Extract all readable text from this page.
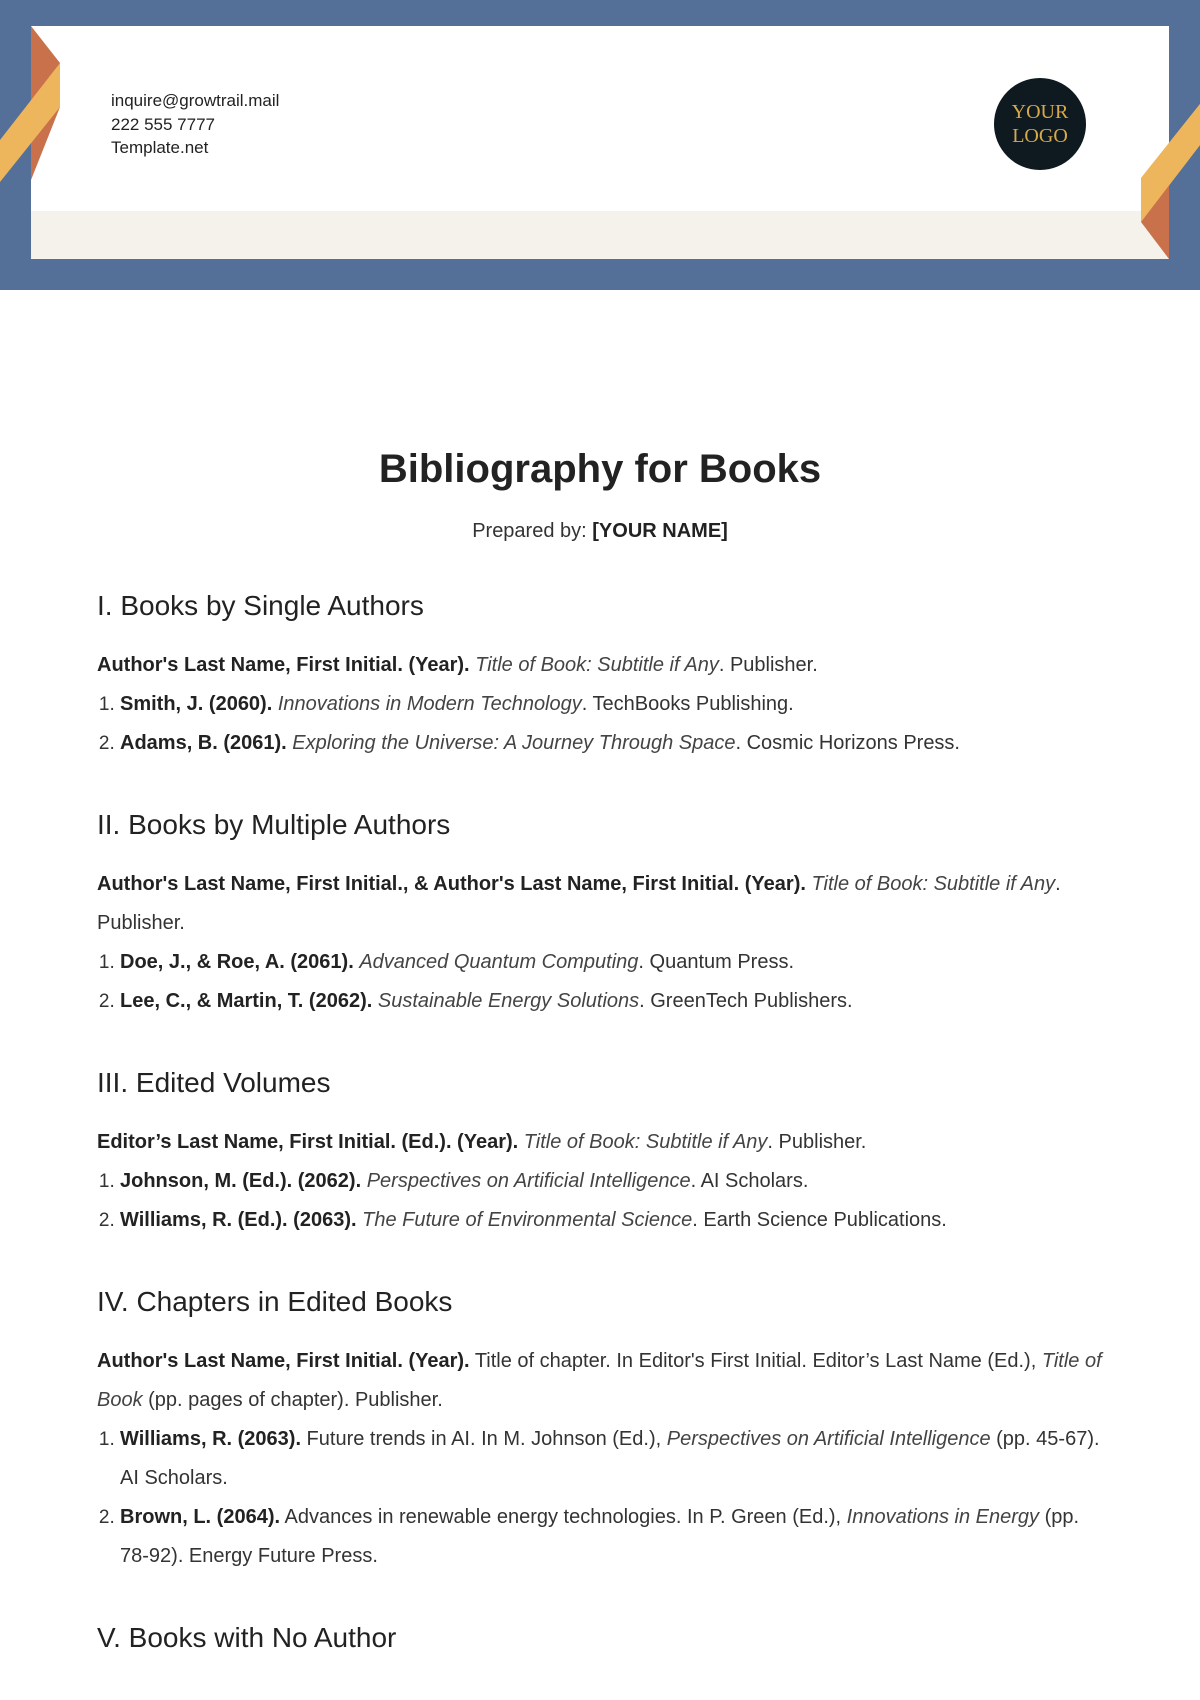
inquire@growtrail.mail
222 555 7777
Template.net
YOUR
LOGO
Bibliography for Books
Prepared by: [YOUR NAME]
I. Books by Single Authors
Author's Last Name, First Initial. (Year). Title of Book: Subtitle if Any. Publisher.
1. Smith, J. (2060). Innovations in Modern Technology. TechBooks Publishing.
2. Adams, B. (2061). Exploring the Universe: A Journey Through Space. Cosmic Horizons Press.
II. Books by Multiple Authors
Author's Last Name, First Initial., & Author's Last Name, First Initial. (Year). Title of Book: Subtitle if Any. Publisher.
1. Doe, J., & Roe, A. (2061). Advanced Quantum Computing. Quantum Press.
2. Lee, C., & Martin, T. (2062). Sustainable Energy Solutions. GreenTech Publishers.
III. Edited Volumes
Editor’s Last Name, First Initial. (Ed.). (Year). Title of Book: Subtitle if Any. Publisher.
1. Johnson, M. (Ed.). (2062). Perspectives on Artificial Intelligence. AI Scholars.
2. Williams, R. (Ed.). (2063). The Future of Environmental Science. Earth Science Publications.
IV. Chapters in Edited Books
Author's Last Name, First Initial. (Year). Title of chapter. In Editor's First Initial. Editor’s Last Name (Ed.), Title of Book (pp. pages of chapter). Publisher.
1. Williams, R. (2063). Future trends in AI. In M. Johnson (Ed.), Perspectives on Artificial Intelligence (pp. 45-67). AI Scholars.
2. Brown, L. (2064). Advances in renewable energy technologies. In P. Green (Ed.), Innovations in Energy (pp. 78-92). Energy Future Press.
V. Books with No Author
